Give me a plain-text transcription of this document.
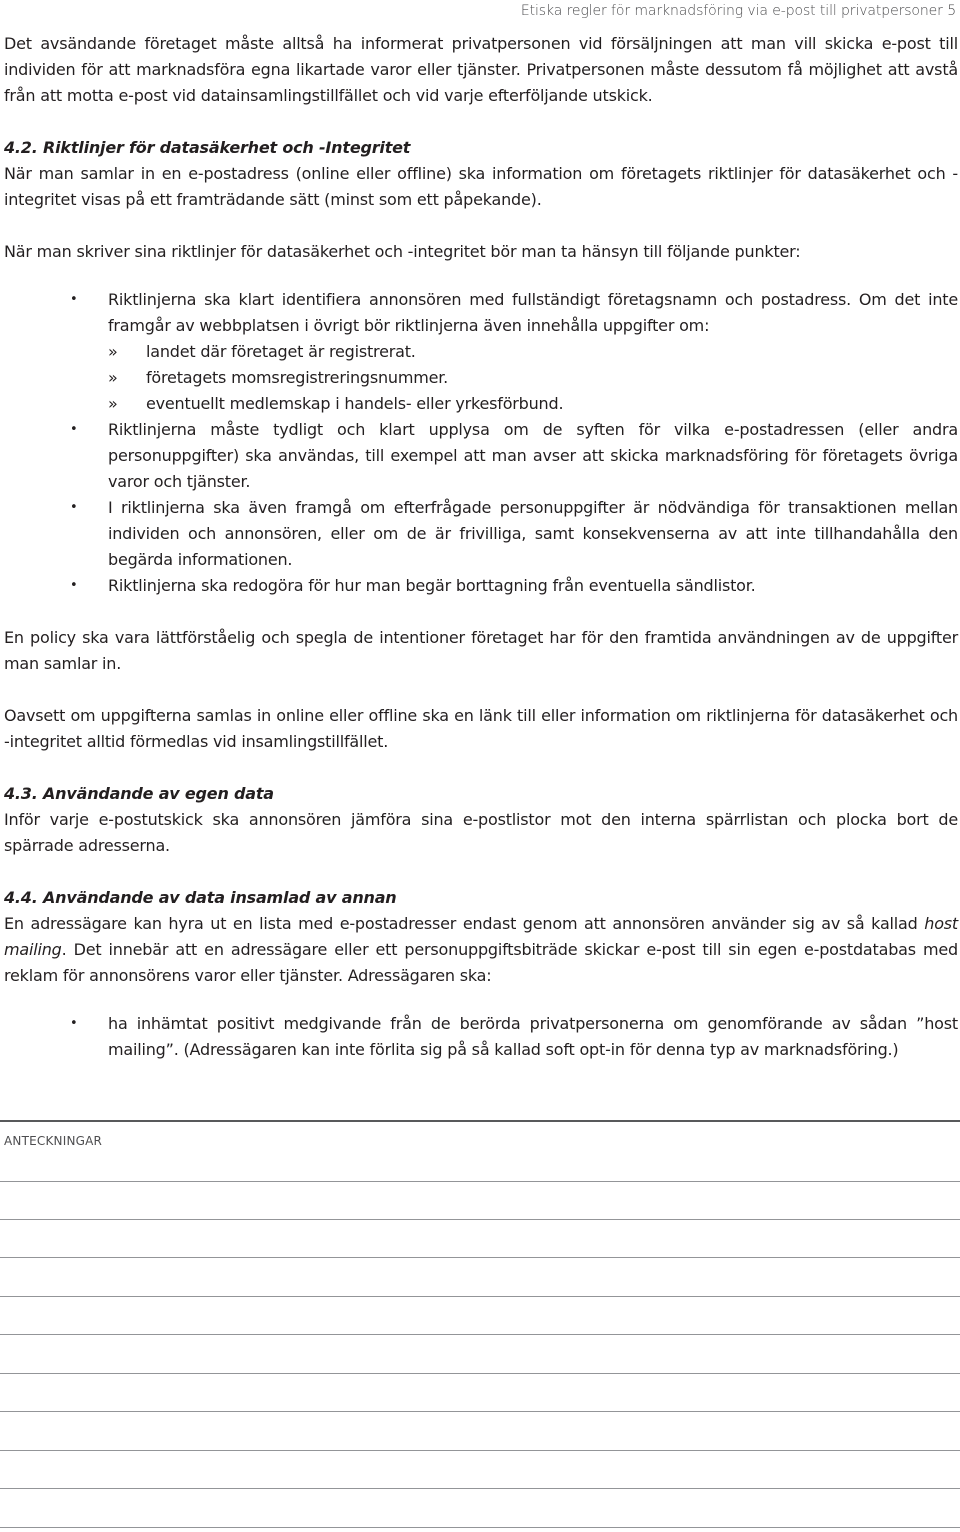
Etiska regler för marknadsföring via e-post till privatpersoner 5

Det avsändande företaget måste alltså ha informerat privatpersonen vid försäljningen att man vill skicka e-post till individen för att marknadsföra egna likartade varor eller tjänster. Privatpersonen måste dessutom få möjlighet att avstå från att motta e-post vid datainsamlingstillfället och vid varje efterföljande utskick.

4.2. Riktlinjer för datasäkerhet och -Integritet
När man samlar in en e-postadress (online eller offline) ska information om företagets riktlinjer för datasäkerhet och -integritet visas på ett framträdande sätt (minst som ett påpekande).

När man skriver sina riktlinjer för datasäkerhet och -integritet bör man ta hänsyn till följande punkter:

• Riktlinjerna ska klart identifiera annonsören med fullständigt företagsnamn och postadress. Om det inte framgår av webbplatsen i övrigt bör riktlinjerna även innehålla uppgifter om:
» landet där företaget är registrerat.
» företagets momsregistreringsnummer.
» eventuellt medlemskap i handels- eller yrkesförbund.
• Riktlinjerna måste tydligt och klart upplysa om de syften för vilka e-postadressen (eller andra personuppgifter) ska användas, till exempel att man avser att skicka marknadsföring för företagets övriga varor och tjänster.
• I riktlinjerna ska även framgå om efterfrågade personuppgifter är nödvändiga för transaktionen mellan individen och annonsören, eller om de är frivilliga, samt konsekvenserna av att inte tillhandahålla den begärda informationen.
• Riktlinjerna ska redogöra för hur man begär borttagning från eventuella sändlistor.

En policy ska vara lättförståelig och spegla de intentioner företaget har för den framtida användningen av de uppgifter man samlar in.

Oavsett om uppgifterna samlas in online eller offline ska en länk till eller information om riktlinjerna för datasäkerhet och -integritet alltid förmedlas vid insamlingstillfället.

4.3. Användande av egen data
Inför varje e-postutskick ska annonsören jämföra sina e-postlistor mot den interna spärrlistan och plocka bort de spärrade adresserna.

4.4. Användande av data insamlad av annan
En adressägare kan hyra ut en lista med e-postadresser endast genom att annonsören använder sig av så kallad host mailing. Det innebär att en adressägare eller ett personuppgiftsbiträde skickar e-post till sin egen e-postdatabas med reklam för annonsörens varor eller tjänster. Adressägaren ska:

• ha inhämtat positivt medgivande från de berörda privatpersonerna om genomförande av sådan ”host mailing”. (Adressägaren kan inte förlita sig på så kallad soft opt-in för denna typ av marknadsföring.)
ANTECKNINGAR
